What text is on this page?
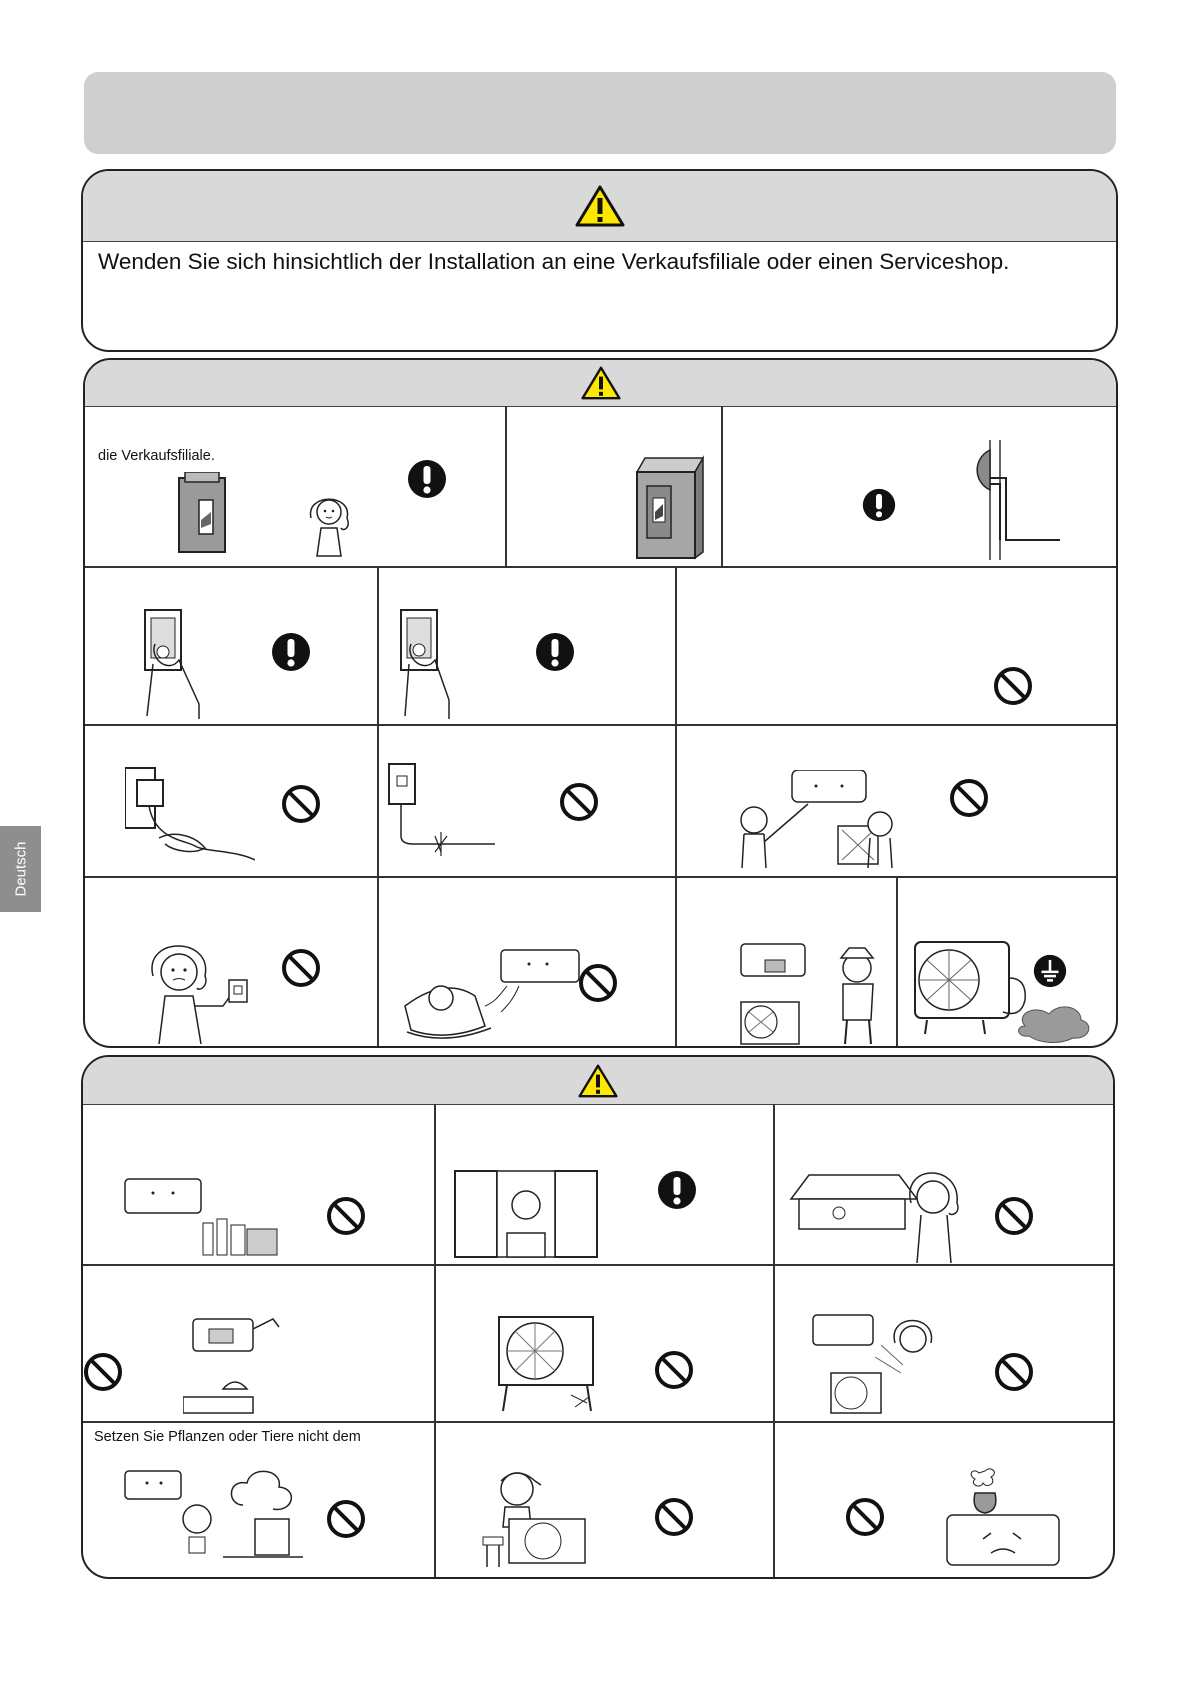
Deutsch
Wenden Sie sich hinsichtlich der Installation an eine Verkaufsfiliale oder einen Serviceshop.
die Verkaufsfiliale.
Setzen Sie Pflanzen oder Tiere nicht dem
